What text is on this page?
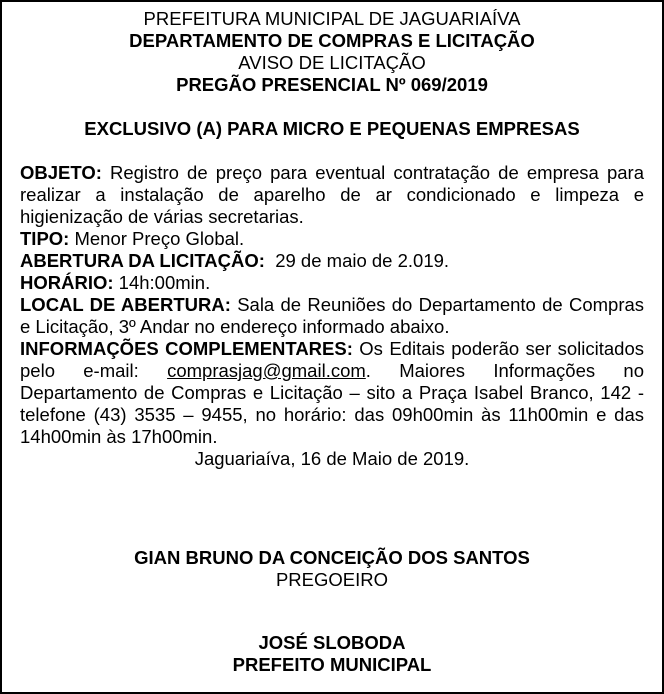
PREFEITURA MUNICIPAL DE JAGUARIAÍVA
DEPARTAMENTO DE COMPRAS E LICITAÇÃO
AVISO DE LICITAÇÃO
PREGÃO PRESENCIAL Nº 069/2019
EXCLUSIVO (A) PARA MICRO E PEQUENAS EMPRESAS

OBJETO: Registro de preço para eventual contratação de empresa para realizar a instalação de aparelho de ar condicionado e limpeza e higienização de várias secretarias.

TIPO: Menor Preço Global.

ABERTURA DA LICITAÇÃO: 29 de maio de 2.019.

HORÁRIO: 14h:00min.

LOCAL DE ABERTURA: Sala de Reuniões do Departamento de Compras e Licitação, 3º Andar no endereço informado abaixo.

INFORMAÇÕES COMPLEMENTARES: Os Editais poderão ser solicitados pelo e-mail: comprasjag@gmail.com. Maiores Informações no Departamento de Compras e Licitação – sito a Praça Isabel Branco, 142 - telefone (43) 3535 – 9455, no horário: das 09h00min às 11h00min e das 14h00min às 17h00min.

Jaguariaíva, 16 de Maio de 2019.
GIAN BRUNO DA CONCEIÇÃO DOS SANTOS
PREGOEIRO
JOSÉ SLOBODA
PREFEITO MUNICIPAL
